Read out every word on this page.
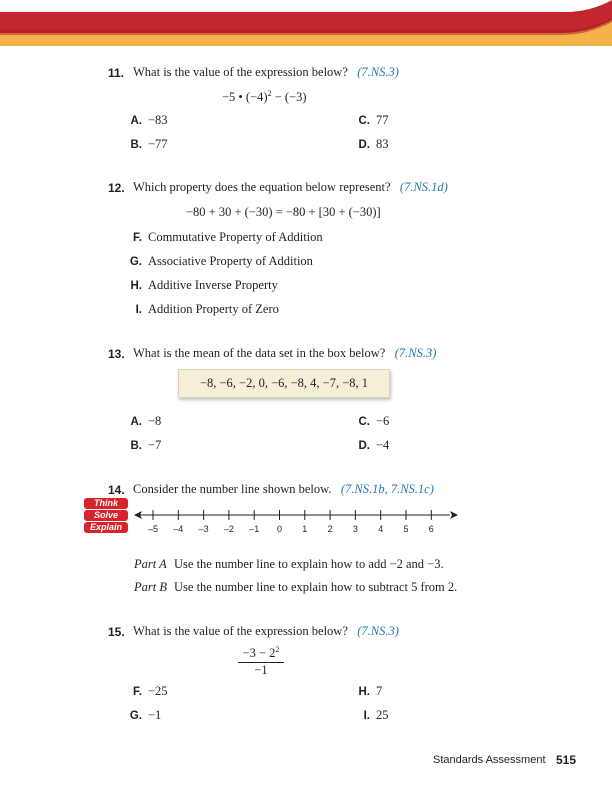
11. What is the value of the expression below? (7.NS.3)
−5 • $(-4)^2 - (-3)$
A. −83
B. −77
C. 77
D. 83
12. Which property does the equation below represent? (7.NS.1d)
−80 + 30 + (−30) = −80 + [30 + (−30)]
F. Commutative Property of Addition
G. Associative Property of Addition
H. Additive Inverse Property
I. Addition Property of Zero
13. What is the mean of the data set in the box below? (7.NS.3)
−8, −6, −2, 0, −6, −8, 4, −7, −8, 1
A. −8
B. −7
C. −6
D. −4
14. Consider the number line shown below. (7.NS.1b, 7.NS.1c)
Think
Solve
Explain	–5 –4 –3 –2 –1 0 1 2 3 4 5 6
Part A Use the number line to explain how to add −2 and −3.
Part B Use the number line to explain how to subtract 5 from 2.
15. What is the value of the expression below? (7.NS.3)
$\frac{-3 - 2^2}{-1}$
F. −25
G. −1
H. 7
I. 25
Standards Assessment 515
